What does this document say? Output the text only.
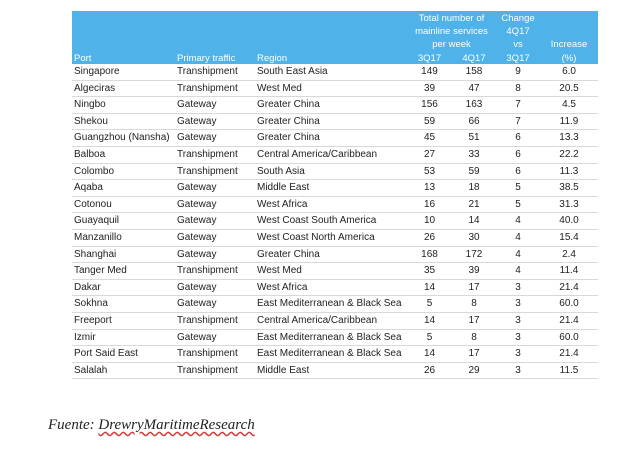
Port	Primary traffic	Region	Total number of		Change	
			mainline services		4Q17	
			per week		vs	Increase
			3Q17	4Q17	3Q17	(%)
Singapore	Transhipment	South East Asia	149	158	9	6.0
Algeciras	Transhipment	West Med	39	47	8	20.5
Ningbo	Gateway	Greater China	156	163	7	4.5
Shekou	Gateway	Greater China	59	66	7	11.9
Guangzhou (Nansha)	Gateway	Greater China	45	51	6	13.3
Balboa	Transhipment	Central America/Caribbean	27	33	6	22.2
Colombo	Transhipment	South Asia	53	59	6	11.3
Aqaba	Gateway	Middle East	13	18	5	38.5
Cotonou	Gateway	West Africa	16	21	5	31.3
Guayaquil	Gateway	West Coast South America	10	14	4	40.0
Manzanillo	Gateway	West Coast North America	26	30	4	15.4
Shanghai	Gateway	Greater China	168	172	4	2.4
Tanger Med	Transhipment	West Med	35	39	4	11.4
Dakar	Gateway	West Africa	14	17	3	21.4
Sokhna	Gateway	East Mediterranean & Black Sea	5	8	3	60.0
Freeport	Transhipment	Central America/Caribbean	14	17	3	21.4
Izmir	Gateway	East Mediterranean & Black Sea	5	8	3	60.0
Port Said East	Transhipment	East Mediterranean & Black Sea	14	17	3	21.4
Salalah	Transhipment	Middle East	26	29	3	11.5
Fuente: DrewryMaritimeResearch
